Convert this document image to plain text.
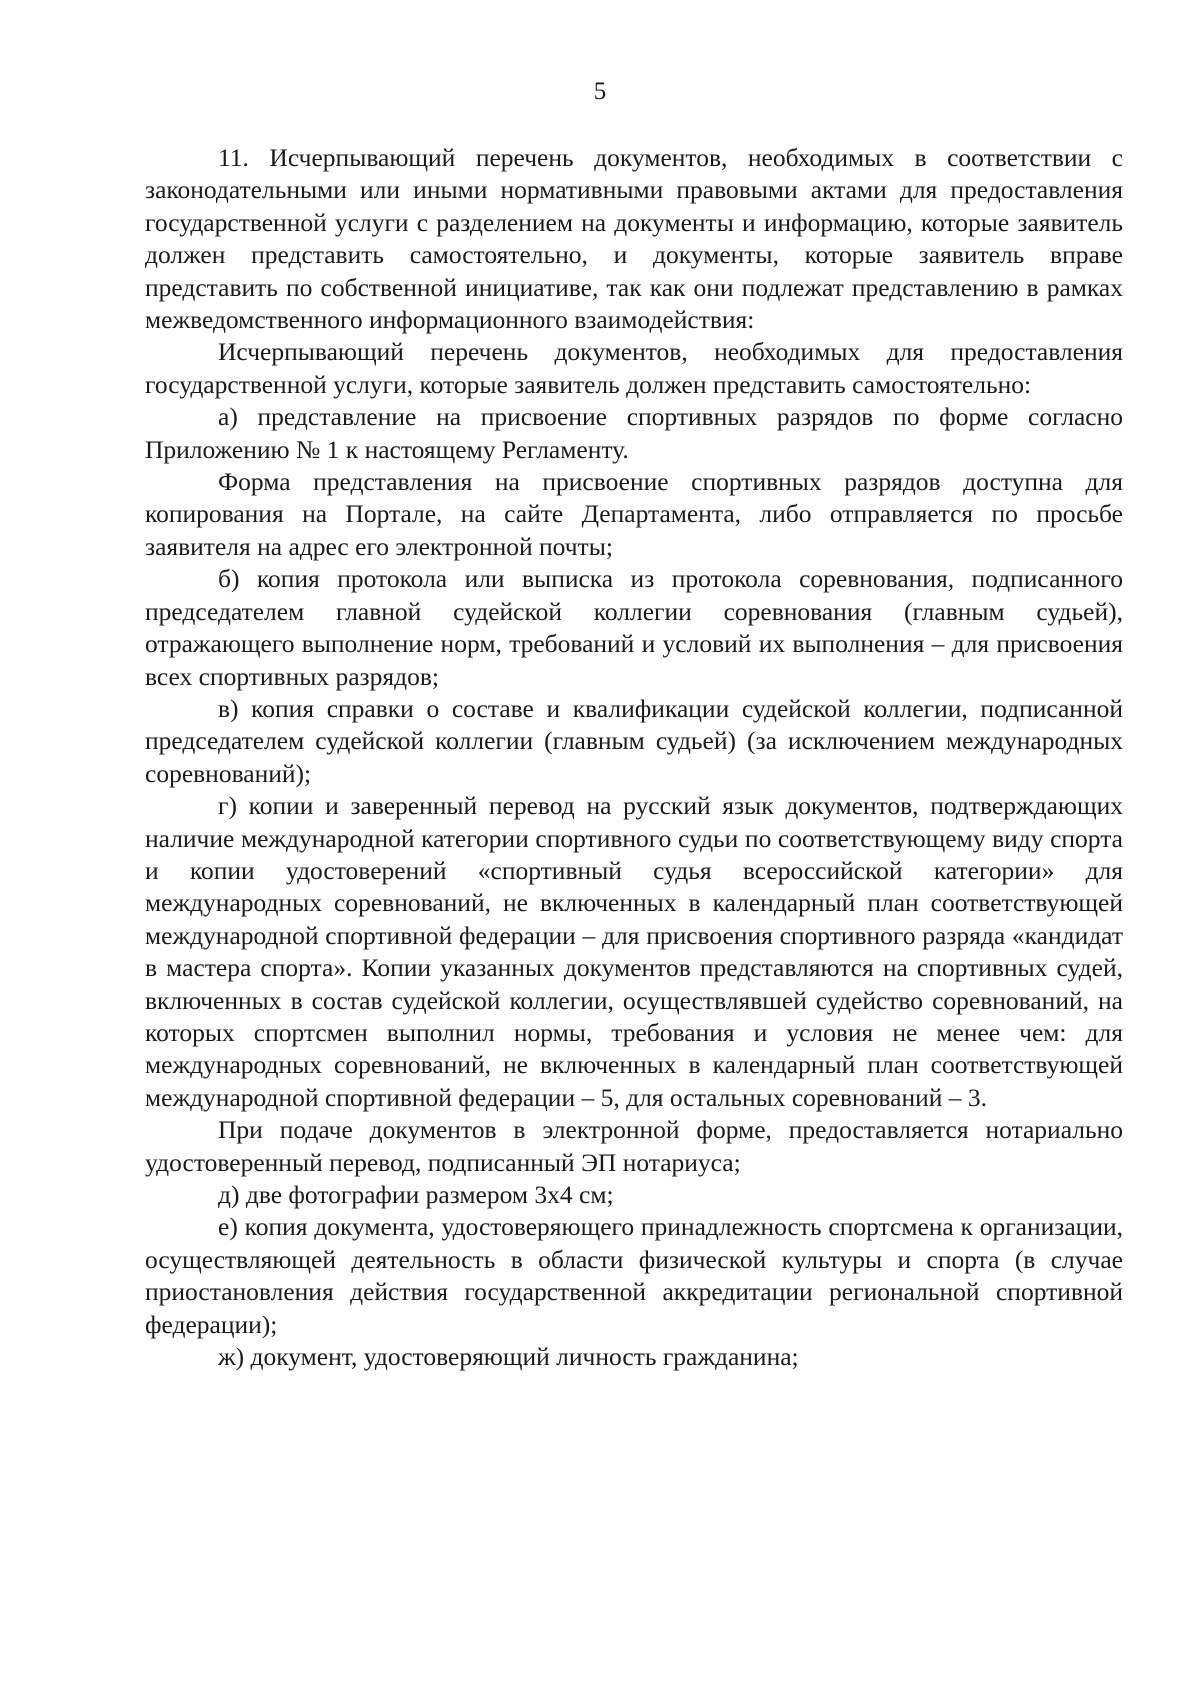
5

11. Исчерпывающий перечень документов, необходимых в соответствии с законодательными или иными нормативными правовыми актами для предоставления государственной услуги с разделением на документы и информацию, которые заявитель должен представить самостоятельно, и документы, которые заявитель вправе представить по собственной инициативе, так как они подлежат представлению в рамках межведомственного информационного взаимодействия:

Исчерпывающий перечень документов, необходимых для предоставления государственной услуги, которые заявитель должен представить самостоятельно:

а) представление на присвоение спортивных разрядов по форме согласно Приложению № 1 к настоящему Регламенту.

Форма представления на присвоение спортивных разрядов доступна для копирования на Портале, на сайте Департамента, либо отправляется по просьбе заявителя на адрес его электронной почты;

б) копия протокола или выписка из протокола соревнования, подписанного председателем главной судейской коллегии соревнования (главным судьей), отражающего выполнение норм, требований и условий их выполнения – для присвоения всех спортивных разрядов;

в) копия справки о составе и квалификации судейской коллегии, подписанной председателем судейской коллегии (главным судьей) (за исключением международных соревнований);

г) копии и заверенный перевод на русский язык документов, подтверждающих наличие международной категории спортивного судьи по соответствующему виду спорта и копии удостоверений «спортивный судья всероссийской категории» для международных соревнований, не включенных в календарный план соответствующей международной спортивной федерации – для присвоения спортивного разряда «кандидат в мастера спорта». Копии указанных документов представляются на спортивных судей, включенных в состав судейской коллегии, осуществлявшей судейство соревнований, на которых спортсмен выполнил нормы, требования и условия не менее чем: для международных соревнований, не включенных в календарный план соответствующей международной спортивной федерации – 5, для остальных соревнований – 3.

При подаче документов в электронной форме, предоставляется нотариально удостоверенный перевод, подписанный ЭП нотариуса;

д) две фотографии размером 3x4 см;

е) копия документа, удостоверяющего принадлежность спортсмена к организации, осуществляющей деятельность в области физической культуры и спорта (в случае приостановления действия государственной аккредитации региональной спортивной федерации);

ж) документ, удостоверяющий личность гражданина;
